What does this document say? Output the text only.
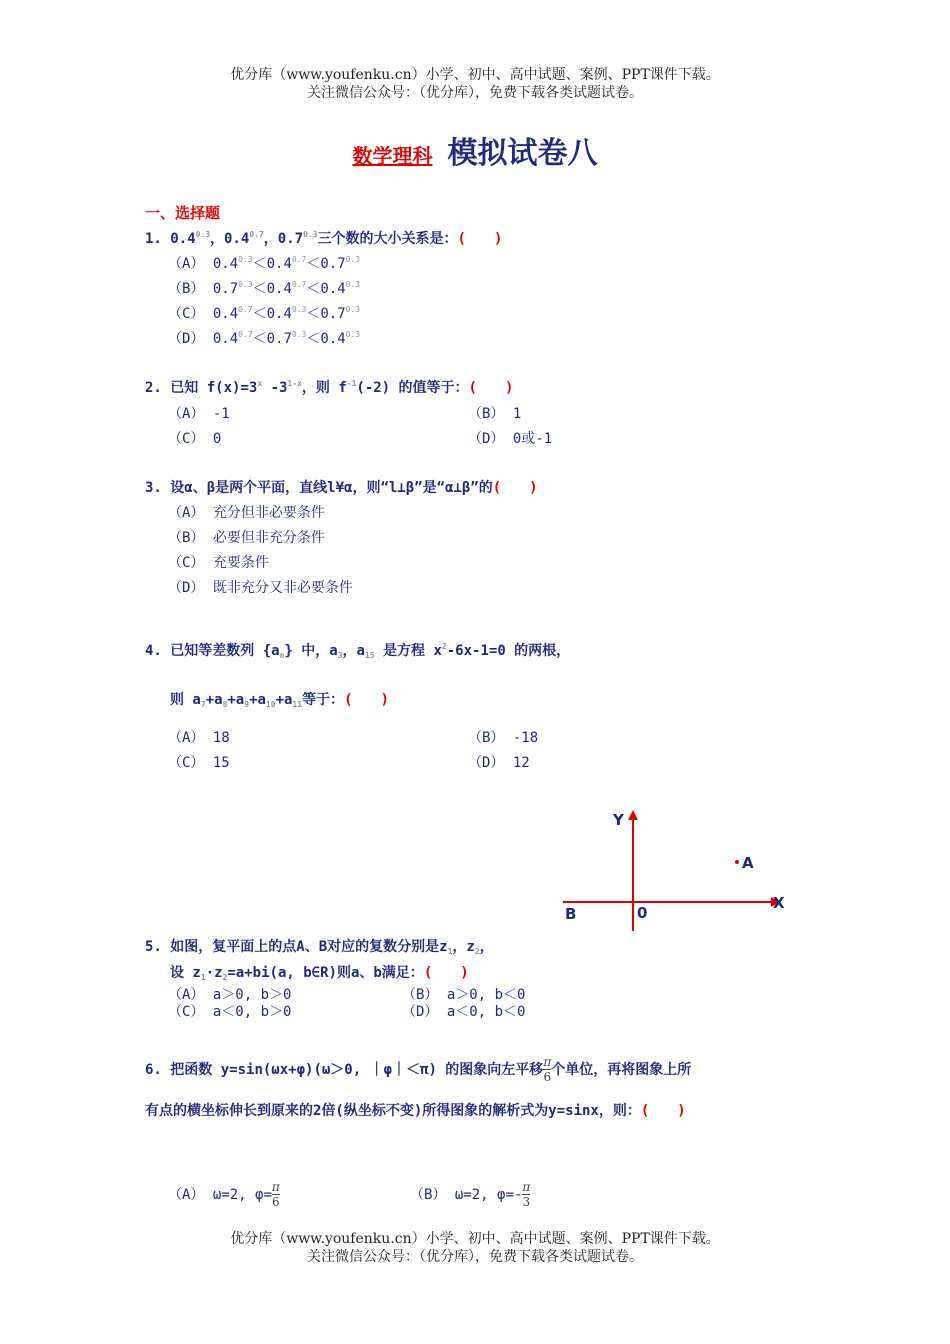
优分库（www.youfenku.cn）小学、初中、高中试题、案例、PPT课件下载。
关注微信公众号：（优分库），免费下载各类试题试卷。
数学理科 模拟试卷八
一、选择题
1. $0.4^{0.3}$，$0.4^{0.7}$，$0.7^{0.3}$三个数的大小关系是：(　　)
（A） $0.4^{0.3}<0.4^{0.7}<0.7^{0.3}$
（B） $0.7^{0.3}<0.4^{0.7}<0.4^{0.3}$
（C） $0.4^{0.7}<0.4^{0.3}<0.7^{0.3}$
（D） $0.4^{0.7}<0.7^{0.3}<0.4^{0.3}$
2. 已知 $f(x)=3^x$ -3$^{1-x}$，则 $f^{-1}(-2)$ 的值等于：(　　)
（A） -1	（B） 1
（C） 0	（D） 0或-1
3. 设α、β是两个平面，直线l¥α，则“l⊥β”是“α⊥β”的(　　)
（A） 充分但非必要条件
（B） 必要但非充分条件
（C） 充要条件
（D） 既非充分又非必要条件
4. 已知等差数列 $\{a_n\}$ 中，$a_3$，$a_{15}$ 是方程 $x^2-6x-1=0$ 的两根，
则 $a_7+a_8+a_9+a_{10}+a_{11}$等于：(　　)
（A） 18	（B） -18
（C） 15	（D） 12
Y
X
A
B	0
5. 如图，复平面上的点A、B对应的复数分别是$z_1$，$z_2$，
设 $z_1\cdot z_2=a+bi(a$, b∈R)则a、b满足：(　　)
（A） a＞0, b＞0	（B） a＞0, b＜0
（C） a＜0, b＞0	（D） a＜0, b＜0
6. 把函数 y=sin(ωx+φ)(ω＞0, ｜φ｜＜π) 的图象向左平移 $\frac{\pi}{6}$ 个单位，再将图象上所
有点的横坐标伸长到原来的2倍(纵坐标不变)所得图象的解析式为y=sinx，则：(　　)
（A） ω=2, $\varphi= \frac{\pi}{6}$	（B） ω=2, $\varphi=- \frac{\pi}{3}$
优分库（www.youfenku.cn）小学、初中、高中试题、案例、PPT课件下载。
关注微信公众号：（优分库），免费下载各类试题试卷。
